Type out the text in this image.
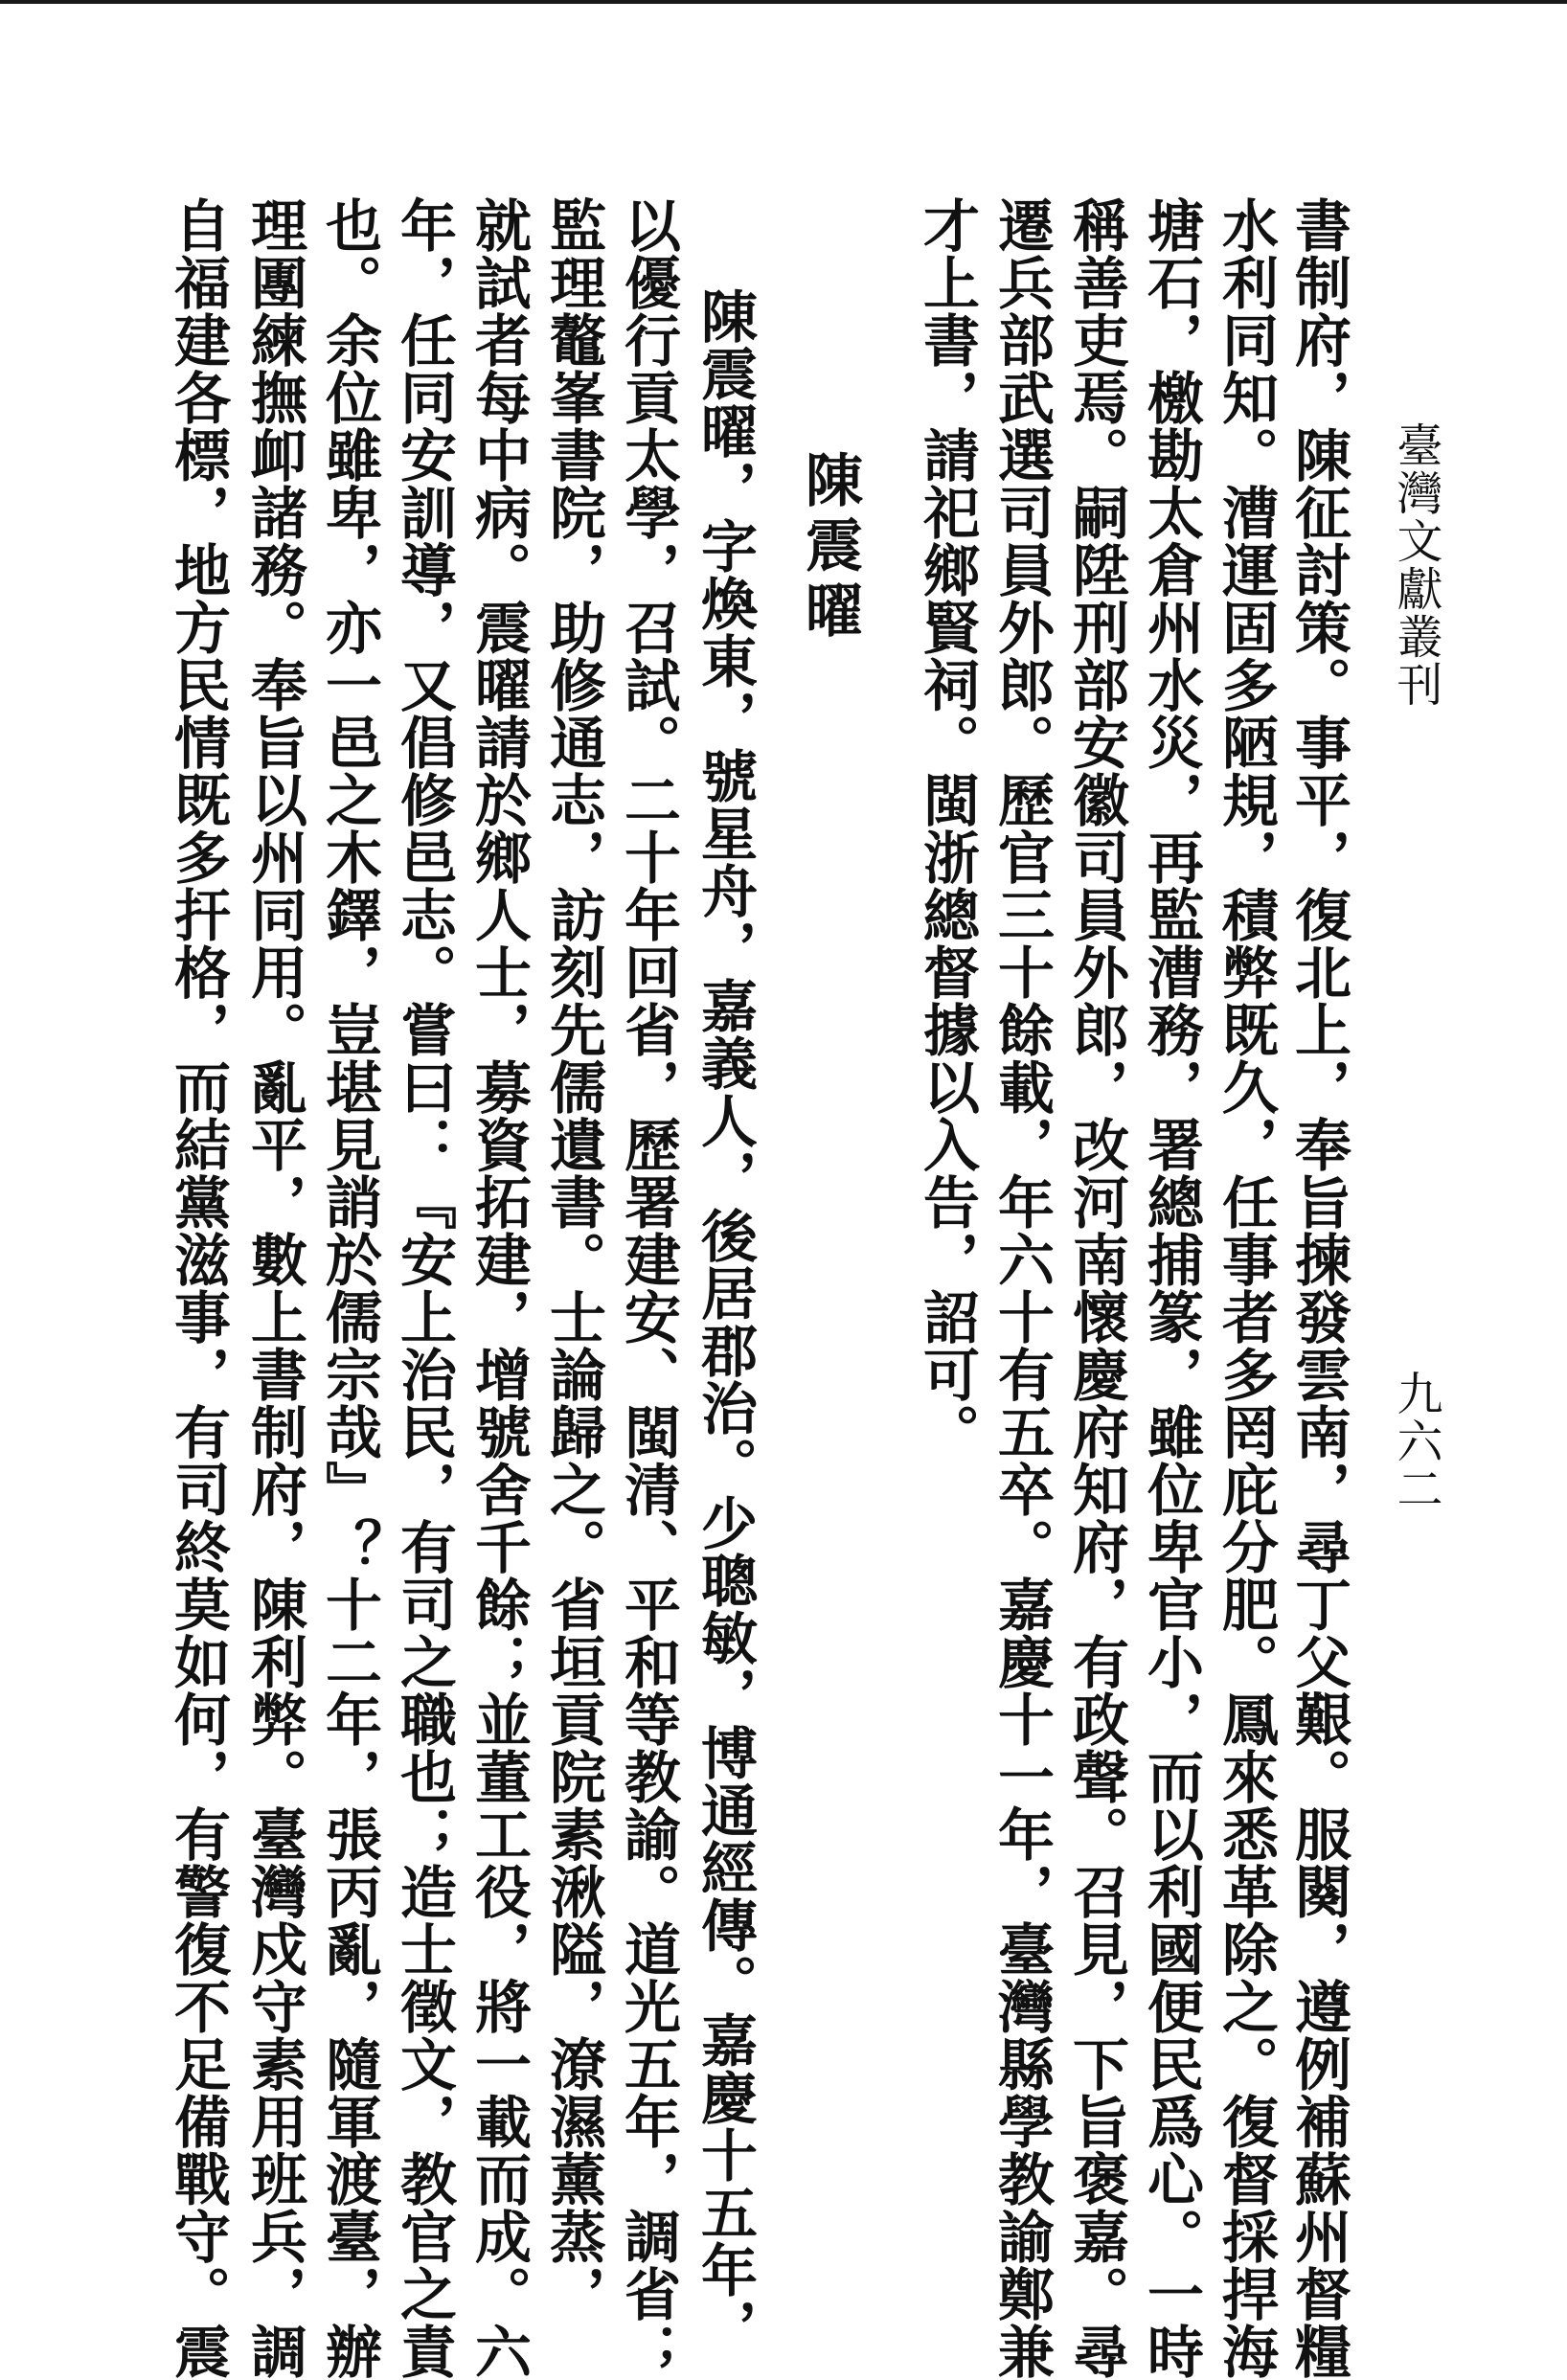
臺灣文獻叢刊
九六二
書制府，陳征討策。事平，復北上，奉旨揀發雲南，尋丁父艱。服闋，遵例補蘇州督糧
水利同知。漕運固多陋規，積弊既久，任事者多罔庇分肥。鳳來悉革除之。復督採捍海
塘石，檄勘太倉州水災，再監漕務，署總捕篆，雖位卑官小，而以利國便民爲心。一時
稱善吏焉。嗣陞刑部安徽司員外郎，改河南懷慶府知府，有政聲。召見，下旨褒嘉。尋
遷兵部武選司員外郎。歷官三十餘載，年六十有五卒。嘉慶十一年，臺灣縣學教諭鄭兼
才上書，請祀鄉賢祠。閩浙總督據以入告，詔可。
陳震曜
陳震曜，字煥東，號星舟，嘉義人，後居郡治。少聰敏，博通經傳。嘉慶十五年，
以優行貢太學，召試。二十年回省，歷署建安、閩清、平和等教諭。道光五年，調省；
監理鼇峯書院，助修通志，訪刻先儒遺書。士論歸之。省垣貢院素湫隘，潦濕薰蒸，
就試者每中病。震曜請於鄉人士，募資拓建，增號舍千餘；並董工役，將一載而成。六
年，任同安訓導，又倡修邑志。嘗曰：『安上治民，有司之職也；造士徵文，教官之責
也。余位雖卑，亦一邑之木鐸，豈堪見誚於儒宗哉』？十二年，張丙亂，隨軍渡臺，辦
理團練撫卹諸務。奉旨以州同用。亂平，數上書制府，陳利弊。臺灣戍守素用班兵，調
自福建各標，地方民情既多扞格，而結黨滋事，有司終莫如何，有警復不足備戰守。震
